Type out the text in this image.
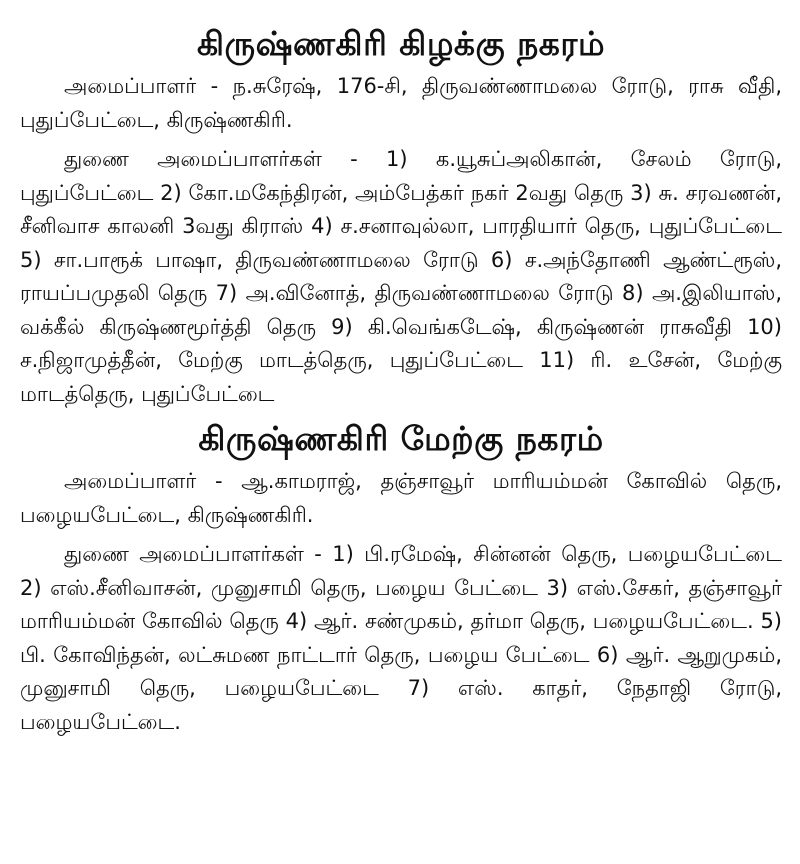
கிருஷ்ணகிரி கிழக்கு நகரம்

அமைப்பாளர் - ந.சுரேஷ், 176-சி, திருவண்ணாமலை ரோடு, ராசு வீதி, புதுப்பேட்டை, கிருஷ்ணகிரி.

துணை அமைப்பாளர்கள் - 1) க.யூசுப்அலிகான், சேலம் ரோடு, புதுப்பேட்டை 2) கோ.மகேந்திரன், அம்பேத்கர் நகர் 2வது தெரு 3) சு. சரவணன், சீனிவாச காலனி 3வது கிராஸ் 4) ச.சனாவுல்லா, பாரதியார் தெரு, புதுப்பேட்டை 5) சா.பாரூக் பாஷா, திருவண்ணாமலை ரோடு 6) ச.அந்தோணி ஆண்ட்ரூஸ், ராயப்பமுதலி தெரு 7) அ.வினோத், திருவண்ணாமலை ரோடு 8) அ.இலியாஸ், வக்கீல் கிருஷ்ணமூர்த்தி தெரு 9) கி.வெங்கடேஷ், கிருஷ்ணன் ராசுவீதி 10) ச.நிஜாமுத்தீன், மேற்கு மாடத்தெரு, புதுப்பேட்டை 11) ரி. உசேன், மேற்கு மாடத்தெரு, புதுப்பேட்டை

கிருஷ்ணகிரி மேற்கு நகரம்

அமைப்பாளர் - ஆ.காமராஜ், தஞ்சாவூர் மாரியம்மன் கோவில் தெரு, பழையபேட்டை, கிருஷ்ணகிரி.

துணை அமைப்பாளர்கள் - 1) பி.ரமேஷ், சின்னன் தெரு, பழையபேட்டை 2) எஸ்.சீனிவாசன், முனுசாமி தெரு, பழைய பேட்டை 3) எஸ்.சேகர், தஞ்சாவூர் மாரியம்மன் கோவில் தெரு 4) ஆர். சண்முகம், தர்மா தெரு, பழையபேட்டை. 5) பி. கோவிந்தன், லட்சுமண நாட்டார் தெரு, பழைய பேட்டை 6) ஆர். ஆறுமுகம், முனுசாமி தெரு, பழையபேட்டை 7) எஸ். காதர், நேதாஜி ரோடு, பழையபேட்டை.
